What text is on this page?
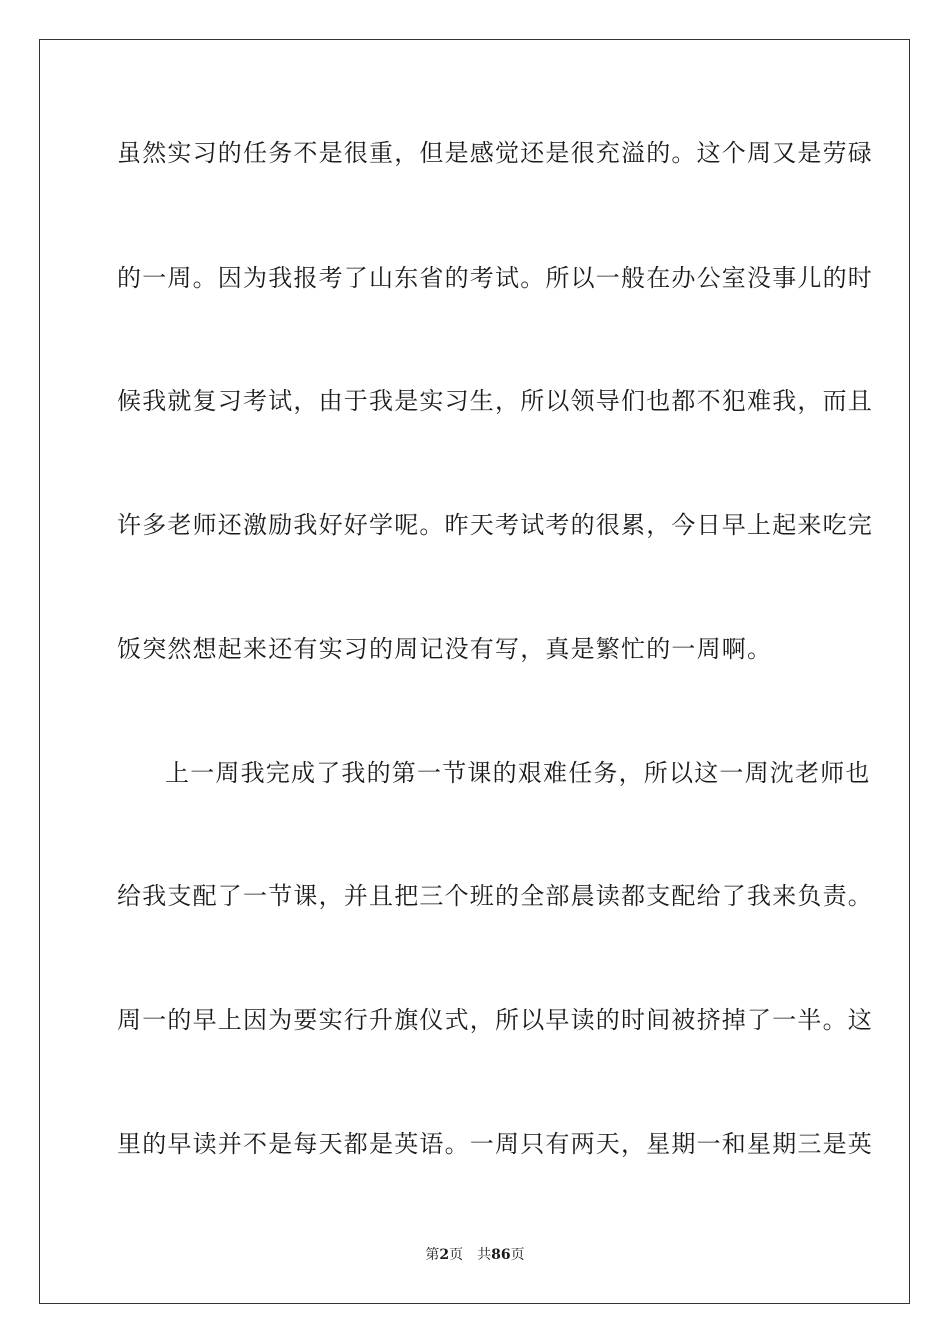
虽然实习的任务不是很重，但是感觉还是很充溢的。这个周又是劳碌
的一周。因为我报考了山东省的考试。所以一般在办公室没事儿的时
候我就复习考试，由于我是实习生，所以领导们也都不犯难我，而且
许多老师还激励我好好学呢。昨天考试考的很累，今日早上起来吃完
饭突然想起来还有实习的周记没有写，真是繁忙的一周啊。
上一周我完成了我的第一节课的艰难任务，所以这一周沈老师也
给我支配了一节课，并且把三个班的全部晨读都支配给了我来负责。
周一的早上因为要实行升旗仪式，所以早读的时间被挤掉了一半。这
里的早读并不是每天都是英语。一周只有两天，星期一和星期三是英
第2页 共86页
